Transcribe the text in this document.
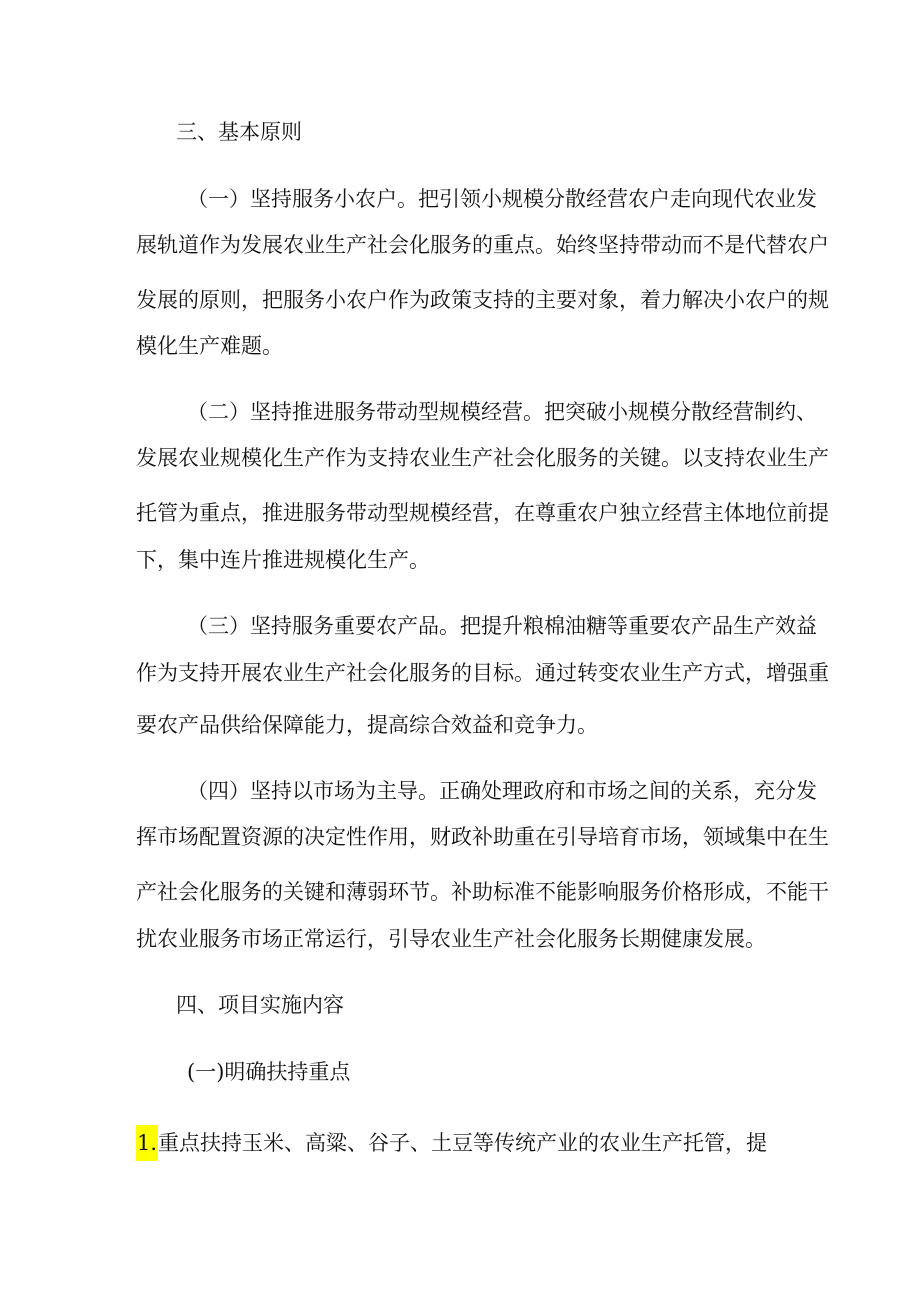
三、基本原则

（一）坚持服务小农户。把引领小规模分散经营农户走向现代农业发

展轨道作为发展农业生产社会化服务的重点。始终坚持带动而不是代替农户

发展的原则，把服务小农户作为政策支持的主要对象，着力解决小农户的规

模化生产难题。

（二）坚持推进服务带动型规模经营。把突破小规模分散经营制约、

发展农业规模化生产作为支持农业生产社会化服务的关键。以支持农业生产

托管为重点，推进服务带动型规模经营，在尊重农户独立经营主体地位前提

下，集中连片推进规模化生产。

（三）坚持服务重要农产品。把提升粮棉油糖等重要农产品生产效益

作为支持开展农业生产社会化服务的目标。通过转变农业生产方式，增强重

要农产品供给保障能力，提高综合效益和竞争力。

（四）坚持以市场为主导。正确处理政府和市场之间的关系，充分发

挥市场配置资源的决定性作用，财政补助重在引导培育市场，领域集中在生

产社会化服务的关键和薄弱环节。补助标准不能影响服务价格形成，不能干

扰农业服务市场正常运行，引导农业生产社会化服务长期健康发展。

四、项目实施内容

(一)明确扶持重点

1.重点扶持玉米、高粱、谷子、土豆等传统产业的农业生产托管，提
